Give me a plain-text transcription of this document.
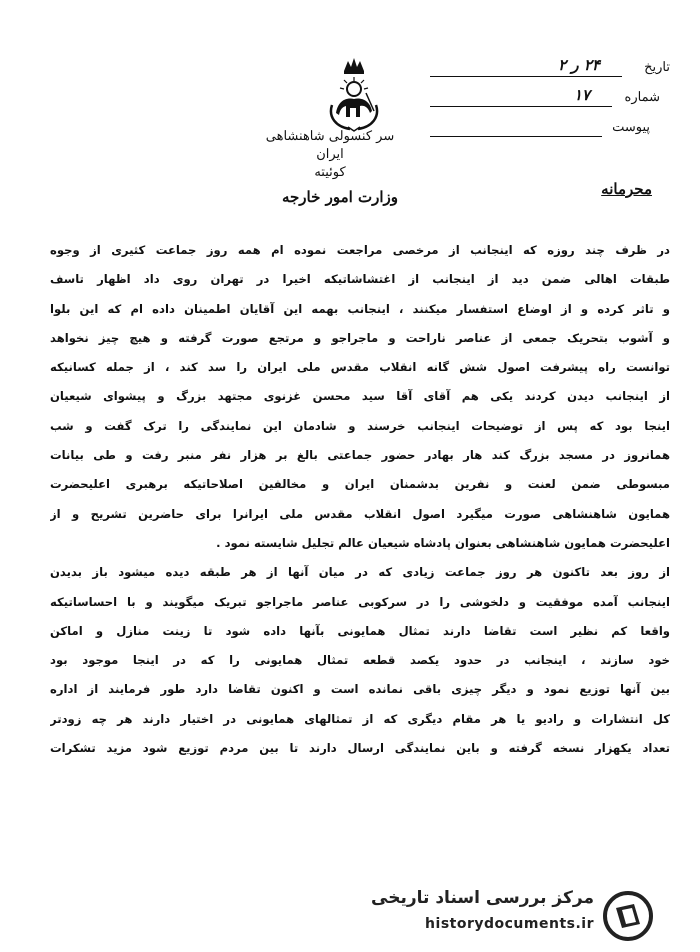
سر کنسولی شاهنشاهی ایران
کوئیته
تاریخ
۲۴ ر ۲
شماره
۱۷
پیوست
محرمانه
وزارت امور خارجه
در ظرف چند روزه که اینجانب از مرخصی مراجعت نموده ام همه روز جماعت کثیری از وجوه
طبقات اهالی ضمن دید از اینجانب از اغتشاشاتیکه اخیرا در تهران روی داد اظهار تاسف
و تاثر کرده و از اوضاع استفسار میکنند ، اینجانب بهمه این آقایان اطمینان داده ام که این بلوا
و آشوب بتحریک جمعی از عناصر ناراحت و ماجراجو و مرتجع صورت گرفته و هیچ چیز نخواهد
توانست راه پیشرفت اصول شش گانه انقلاب مقدس ملی ایران را سد کند ، از جمله کسانیکه
از اینجانب دیدن کردند یکی هم آقای آقا سید محسن غزنوی مجتهد بزرگ و پیشوای شیعیان
اینجا بود که پس از توضیحات اینجانب خرسند و شادمان این نمایندگی را ترک گفت و شب
همانروز در مسجد بزرگ کند هار بهادر حضور جماعتی بالغ بر هزار نفر منبر رفت و طی بیانات
مبسوطی ضمن لعنت و نفرین بدشمنان ایران و مخالفین اصلاحاتیکه برهبری اعلیحضرت
همایون شاهنشاهی صورت میگیرد اصول انقلاب مقدس ملی ایرانرا برای حاضرین تشریح و از
اعلیحضرت همایون شاهنشاهی بعنوان پادشاه شیعیان عالم تجلیل شایسته نمود .
از روز بعد تاکنون هر روز جماعت زیادی که در میان آنها از هر طبقه دیده میشود باز بدیدن
اینجانب آمده موفقیت و دلخوشی را در سرکوبی عناصر ماجراجو تبریک میگویند و با احساساتیکه
واقعا کم نظیر است تقاضا دارند تمثال همایونی بآنها داده شود تا زینت منازل و اماکن
خود سازند ، اینجانب در حدود یکصد قطعه تمثال همایونی را که در اینجا موجود بود
بین آنها توزیع نمود و دیگر چیزی باقی نمانده است و اکنون تقاضا دارد طور فرمایند از اداره
کل انتشارات و رادیو یا هر مقام دیگری که از تمثالهای همایونی در اختیار دارند هر چه زودتر
تعداد یکهزار نسخه گرفته و باین نمایندگی ارسال دارند تا بین مردم توزیع شود مزید تشکرات
مرکز بررسی اسناد تاریخی
historydocuments.ir
